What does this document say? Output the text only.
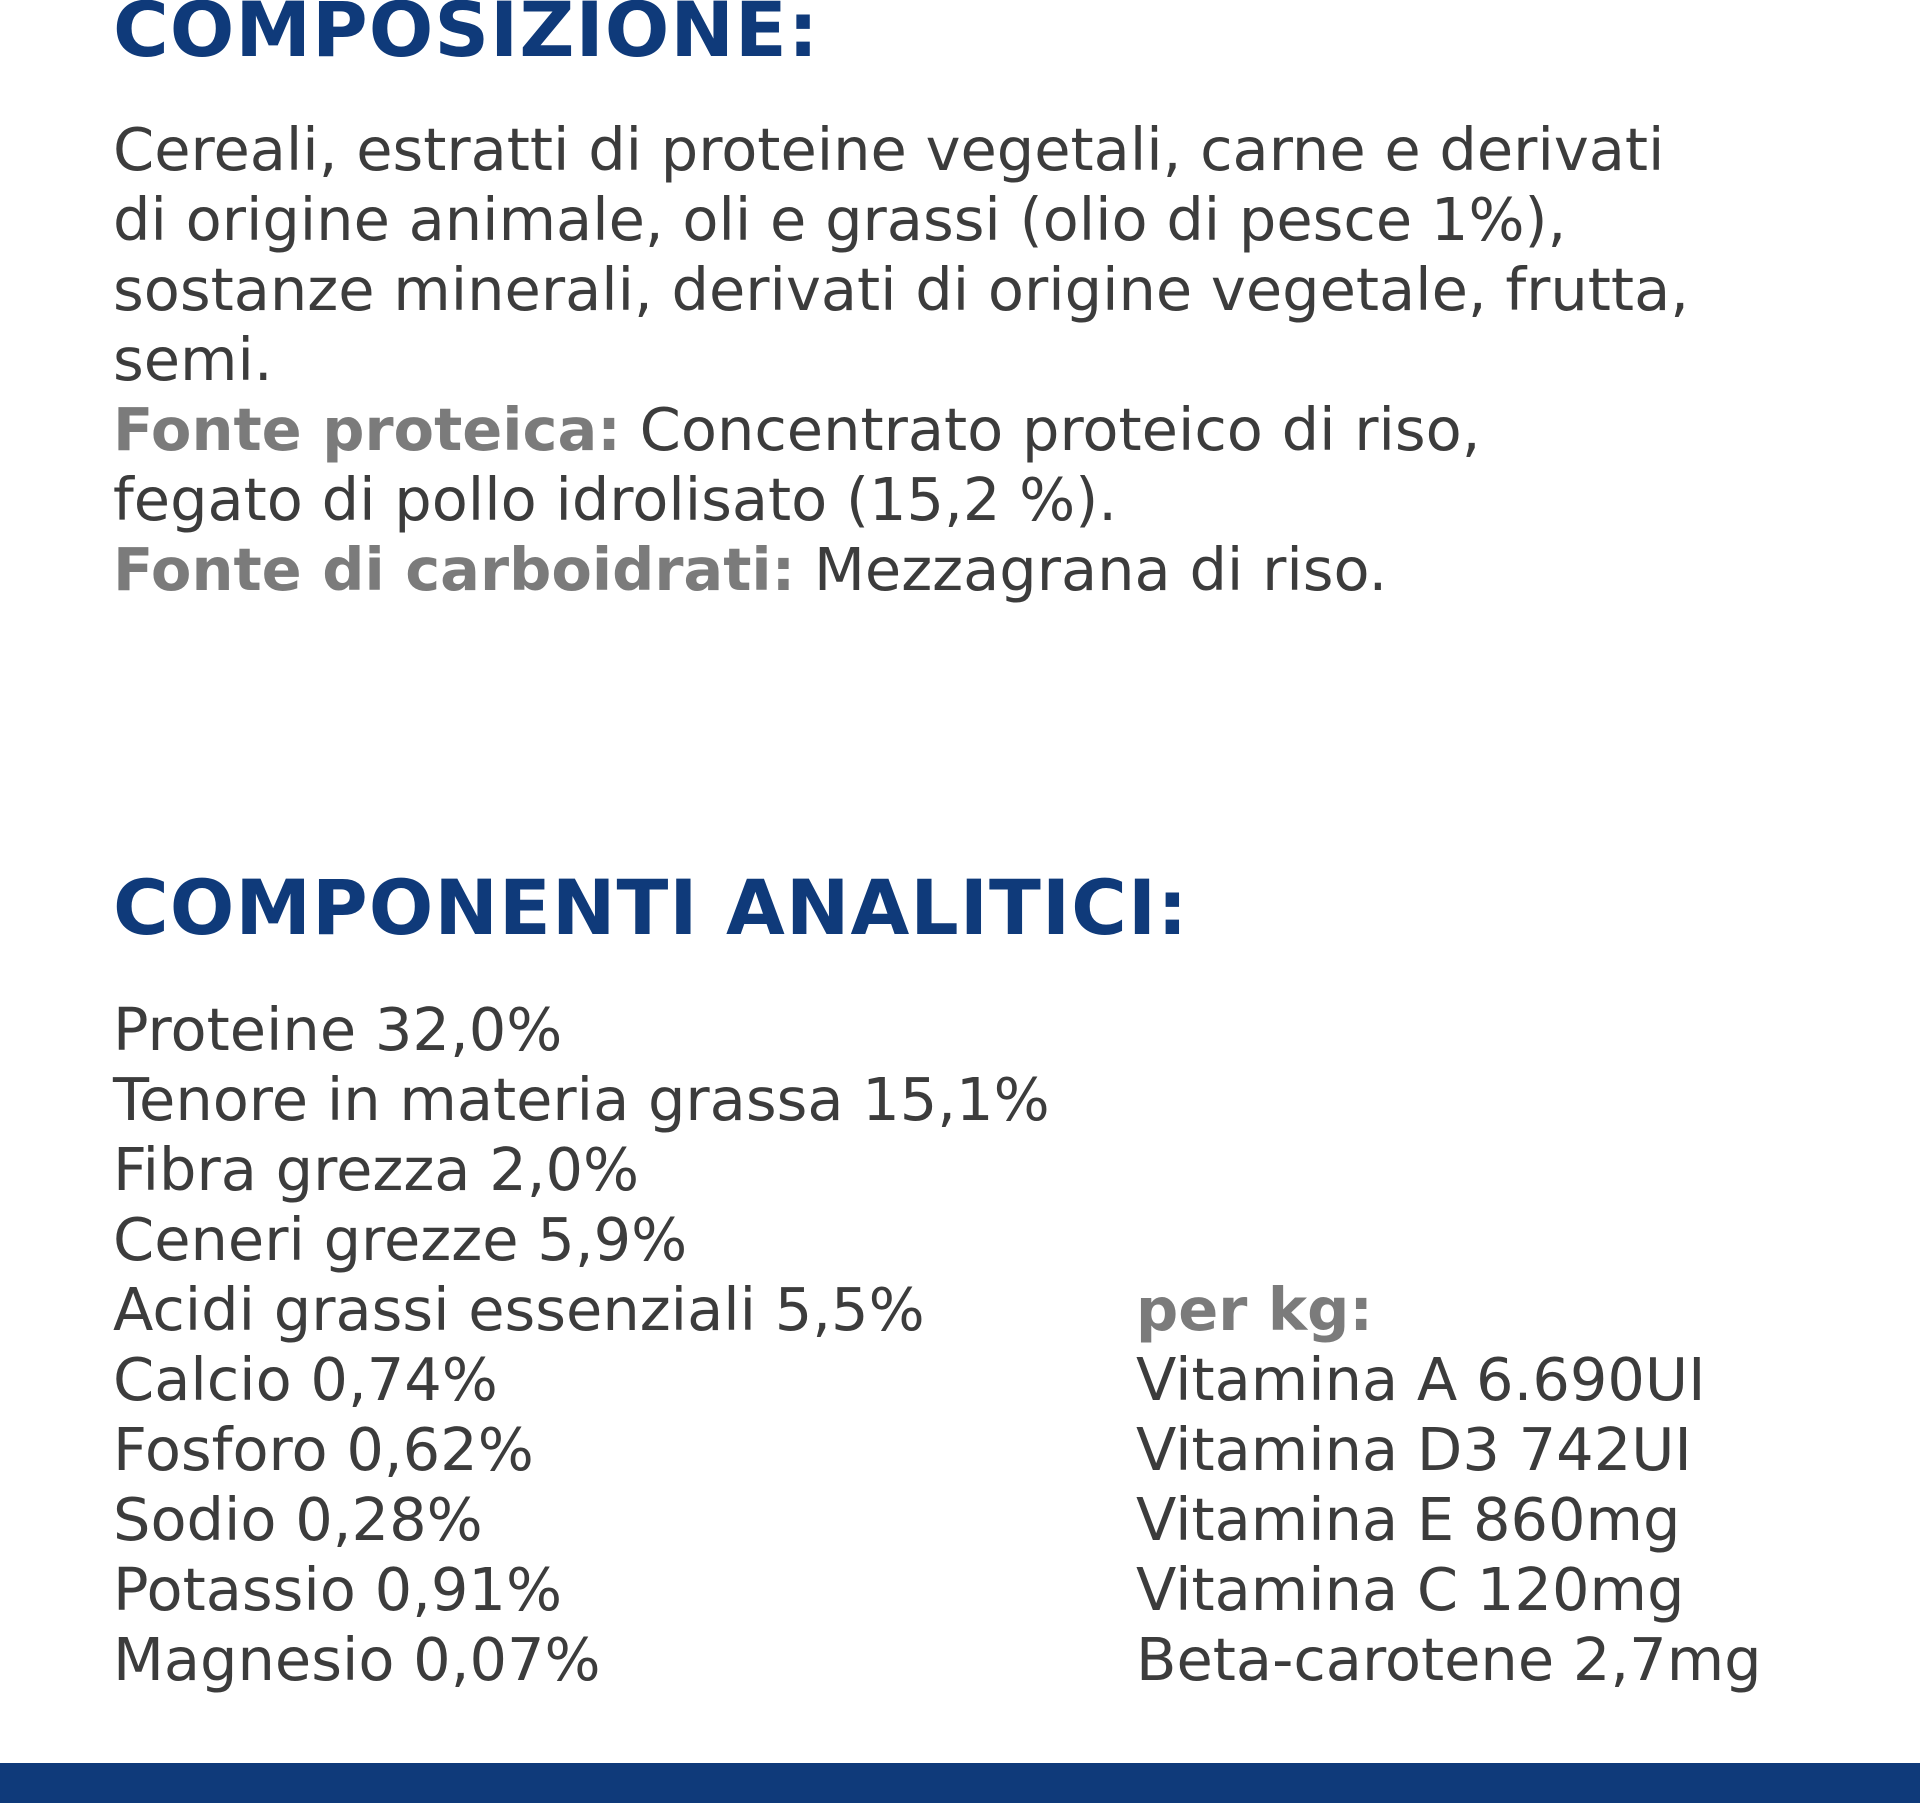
COMPOSIZIONE:
Cereali, estratti di proteine vegetali, carne e derivati
di origine animale, oli e grassi (olio di pesce 1%),
sostanze minerali, derivati di origine vegetale, frutta,
semi.
Fonte proteica: Concentrato proteico di riso,
fegato di pollo idrolisato (15,2 %).
Fonte di carboidrati: Mezzagrana di riso.
COMPONENTI ANALITICI:
Proteine 32,0%
Tenore in materia grassa 15,1%
Fibra grezza 2,0%
Ceneri grezze 5,9%
Acidi grassi essenziali 5,5%
Calcio 0,74%
Fosforo 0,62%
Sodio 0,28%
Potassio 0,91%
Magnesio 0,07%
per kg:
Vitamina A 6.690UI
Vitamina D3 742UI
Vitamina E 860mg
Vitamina C 120mg
Beta-carotene 2,7mg
